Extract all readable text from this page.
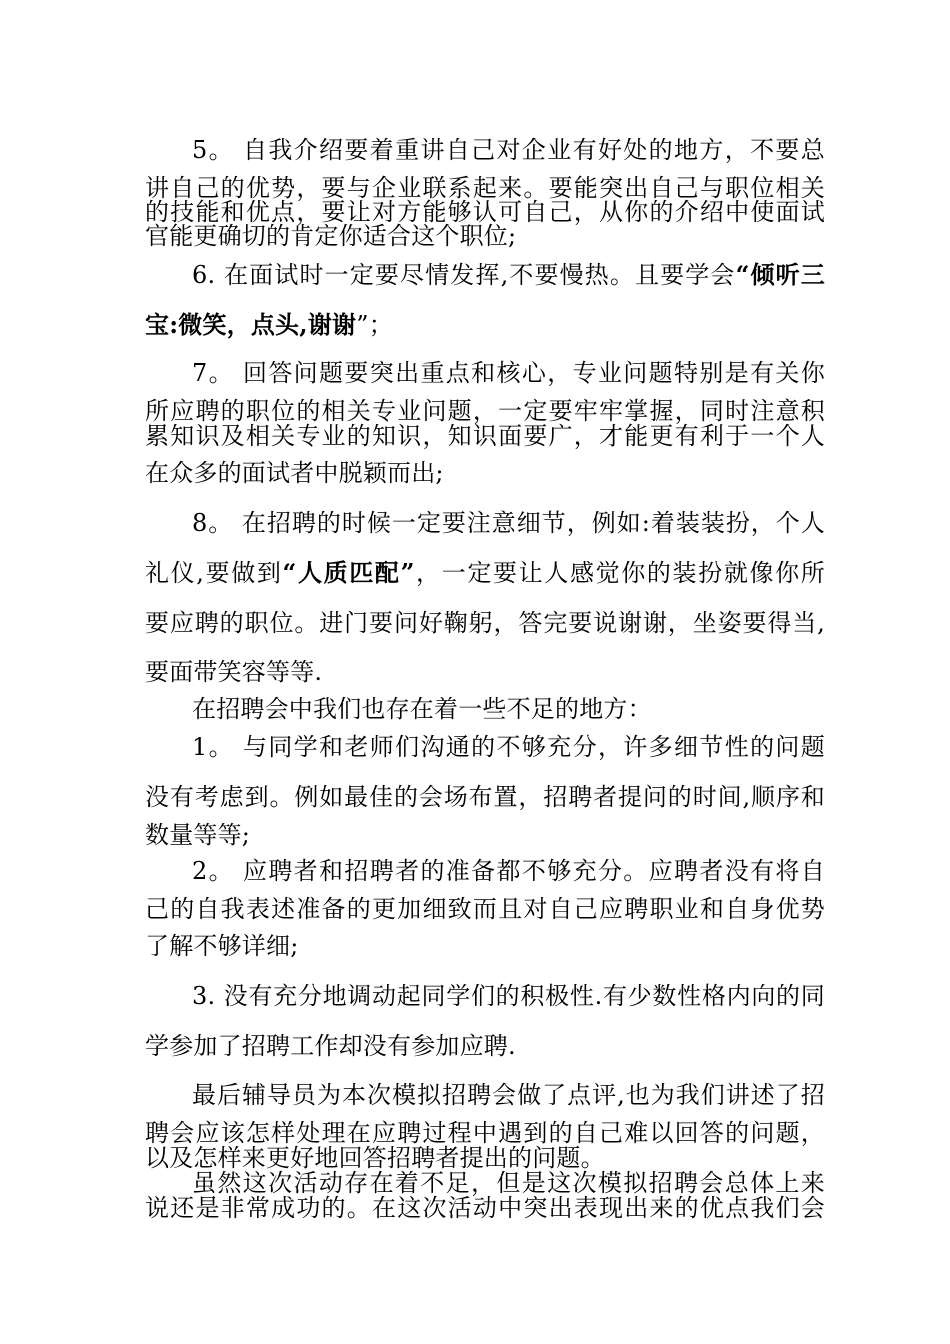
5。 自我介绍要着重讲自己对企业有好处的地方，不要总
讲自己的优势，要与企业联系起来。要能突出自己与职位相关
的技能和优点，要让对方能够认可自己，从你的介绍中使面试
官能更确切的肯定你适合这个职位;
6. 在面试时一定要尽情发挥,不要慢热。且要学会“倾听三
宝:微笑，点头,谢谢”；
7。 回答问题要突出重点和核心，专业问题特别是有关你
所应聘的职位的相关专业问题，一定要牢牢掌握，同时注意积
累知识及相关专业的知识，知识面要广，才能更有利于一个人
在众多的面试者中脱颖而出;
8。 在招聘的时候一定要注意细节，例如:着装装扮，个人
礼仪,要做到“人质匹配”，一定要让人感觉你的装扮就像你所
要应聘的职位。进门要问好鞠躬，答完要说谢谢，坐姿要得当,
要面带笑容等等.
在招聘会中我们也存在着一些不足的地方：
1。 与同学和老师们沟通的不够充分，许多细节性的问题
没有考虑到。例如最佳的会场布置，招聘者提问的时间,顺序和
数量等等;
2。 应聘者和招聘者的准备都不够充分。应聘者没有将自
己的自我表述准备的更加细致而且对自己应聘职业和自身优势
了解不够详细;
3. 没有充分地调动起同学们的积极性.有少数性格内向的同
学参加了招聘工作却没有参加应聘.
最后辅导员为本次模拟招聘会做了点评,也为我们讲述了招
聘会应该怎样处理在应聘过程中遇到的自己难以回答的问题，
以及怎样来更好地回答招聘者提出的问题。
虽然这次活动存在着不足，但是这次模拟招聘会总体上来
说还是非常成功的。在这次活动中突出表现出来的优点我们会
